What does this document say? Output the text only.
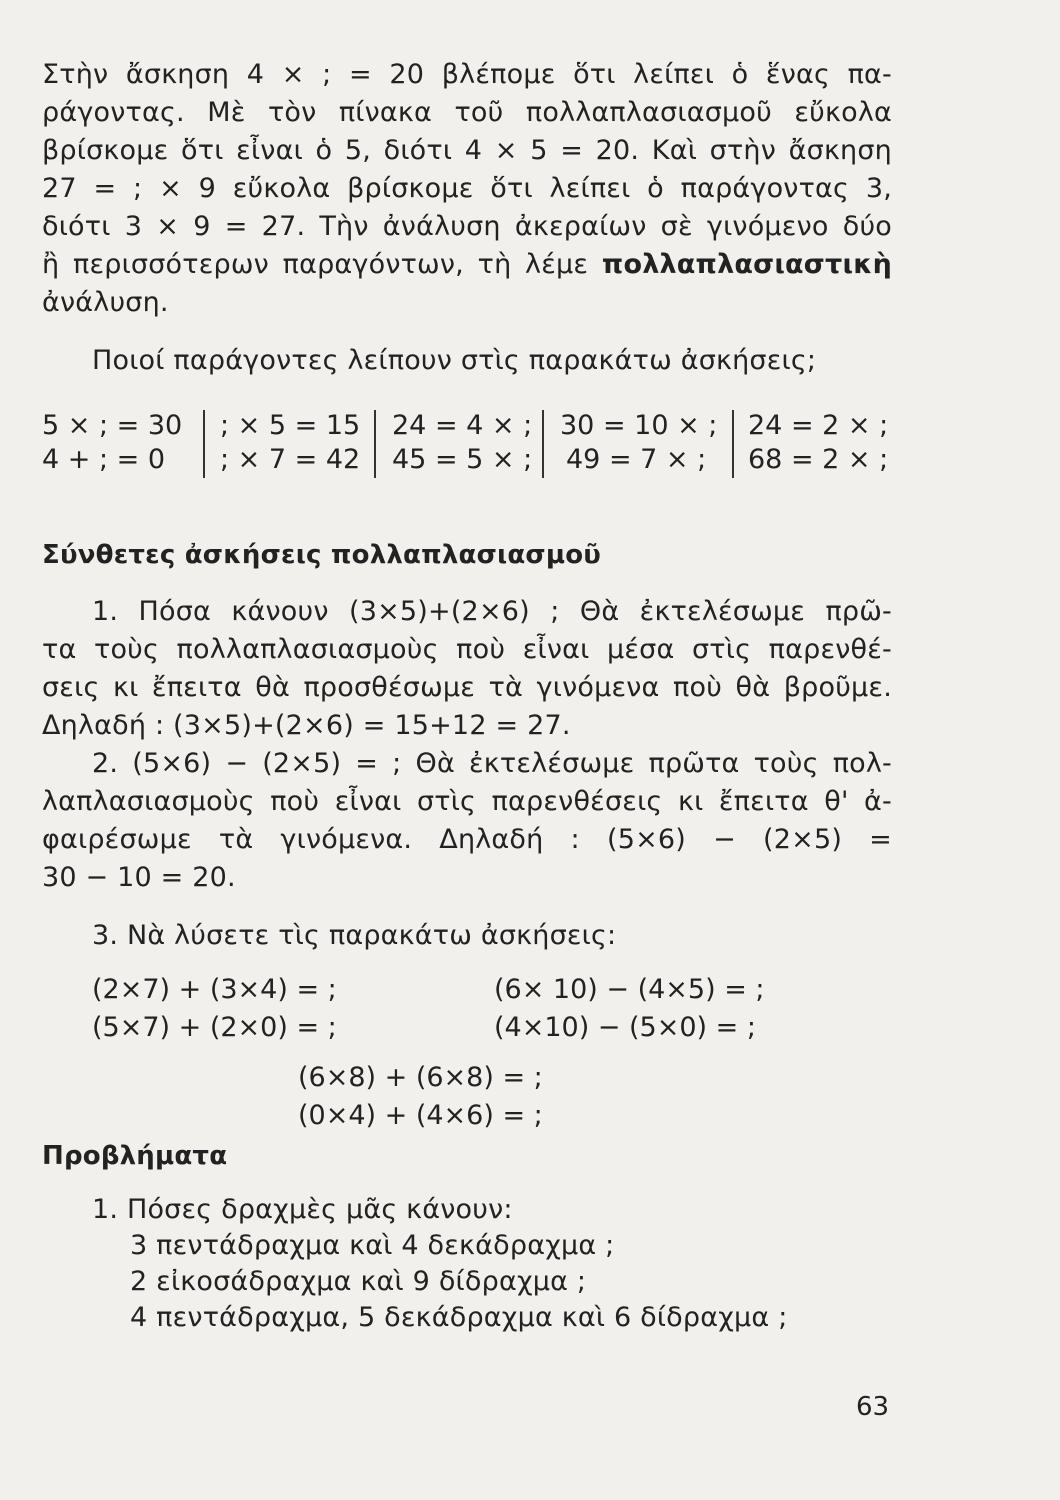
Στὴν ἄσκηση 4 × ; = 20 βλέπομε ὅτι λείπει ὁ ἕνας πα-
ράγοντας. Μὲ τὸν πίνακα τοῦ πολλαπλασιασμοῦ εὔκολα
βρίσκομε ὅτι εἶναι ὁ 5, διότι 4 × 5 = 20. Καὶ στὴν ἄσκηση
27 = ; × 9 εὔκολα βρίσκομε ὅτι λείπει ὁ παράγοντας 3,
διότι 3 × 9 = 27. Τὴν ἀνάλυση ἀκεραίων σὲ γινόμενο δύο
ἢ περισσότερων παραγόντων, τὴ λέμε πολλαπλασιαστικὴ
ἀνάλυση.
Ποιοί παράγοντες λείπουν στὶς παρακάτω ἀσκήσεις;
5 × ; = 30 ; × 5 = 15 24 = 4 × ; 30 = 10 × ; 24 = 2 × ;
4 + ; = 0 ; × 7 = 42 45 = 5 × ; 49 = 7 × ; 68 = 2 × ;
Σύνθετες ἀσκήσεις πολλαπλασιασμοῦ
1. Πόσα κάνουν (3×5)+(2×6) ; Θὰ ἐκτελέσωμε πρῶ-
τα τοὺς πολλαπλασιασμοὺς ποὺ εἶναι μέσα στὶς παρενθέ-
σεις κι ἔπειτα θὰ προσθέσωμε τὰ γινόμενα ποὺ θὰ βροῦμε.
Δηλαδή : (3×5)+(2×6) = 15+12 = 27.
2. (5×6) − (2×5) = ; Θὰ ἐκτελέσωμε πρῶτα τοὺς πολ-
λαπλασιασμοὺς ποὺ εἶναι στὶς παρενθέσεις κι ἔπειτα θ' ἀ-
φαιρέσωμε τὰ γινόμενα. Δηλαδή : (5×6) − (2×5) =
30 − 10 = 20.
3. Νὰ λύσετε τὶς παρακάτω ἀσκήσεις:
(2×7) + (3×4) = ;	(6× 10) − (4×5) = ;
(5×7) + (2×0) = ;	(4×10) − (5×0) = ;
(6×8) + (6×8) = ;
(0×4) + (4×6) = ;
Προβλήματα
1. Πόσες δραχμὲς μᾶς κάνουν:
3 πεντάδραχμα καὶ 4 δεκάδραχμα ;
2 εἰκοσάδραχμα καὶ 9 δίδραχμα ;
4 πεντάδραχμα, 5 δεκάδραχμα καὶ 6 δίδραχμα ;
63
